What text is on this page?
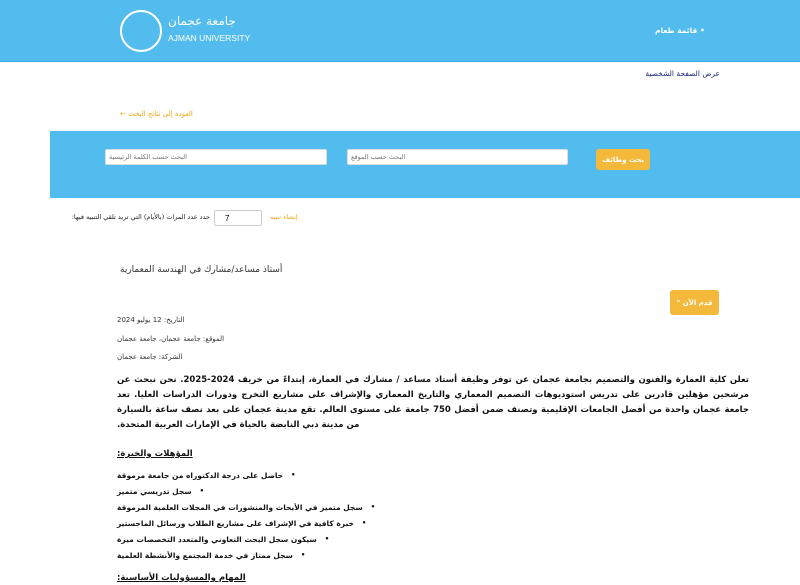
جامعة عجمان
AJMAN UNIVERSITY
• قائمة طعام
عرض الصفحة الشخصية
← العودة إلى نتائج البحث
البحث حسب الكلمة الرئيسية
البحث حسب الموقع
بحث وظائف
حدد عدد المرات (بالأيام) التي تريد تلقي التنبيه فيها:
7	إنشاء تنبيه
أستاذ مساعد/مشارك في الهندسة المعمارية
قدم الآن "
التاريخ: 12 يوليو 2024
الموقع: جامعة عجمان، جامعة عجمان
الشركة: جامعة عجمان
تعلن كلية العمارة والفنون والتصميم بجامعة عجمان عن توفر وظيفة أستاذ مساعد / مشارك في العمارة، إبتداءً من خريف 2024-2025. نحن نبحث عن مرشحين مؤهلين قادرين على تدريس استوديوهات التصميم المعماري والتاريخ المعماري والإشراف على مشاريع التخرج ودورات الدراسات العليا. تعد جامعة عجمان واحدة من أفضل الجامعات الإقليمية وتصنف ضمن أفضل 750 جامعة على مستوى العالم. تقع مدينة عجمان على بعد نصف ساعة بالسيارة من مدينة دبي النابضة بالحياة في الإمارات العربية المتحدة.
المؤهلات والخبرة:
حاصل على درجة الدكتوراه من جامعة مرموقة •
سجل تدريسي متميز •
سجل متميز في الأبحاث والمنشورات في المجلات العلمية المرموقة •
خبرة كافية في الإشراف على مشاريع الطلاب ورسائل الماجستير •
سيكون سجل البحث التعاوني والمتعدد التخصصات ميزة •
سجل ممتاز في خدمة المجتمع والأنشطة العلمية •
المهام والمسؤوليات الأساسية:
